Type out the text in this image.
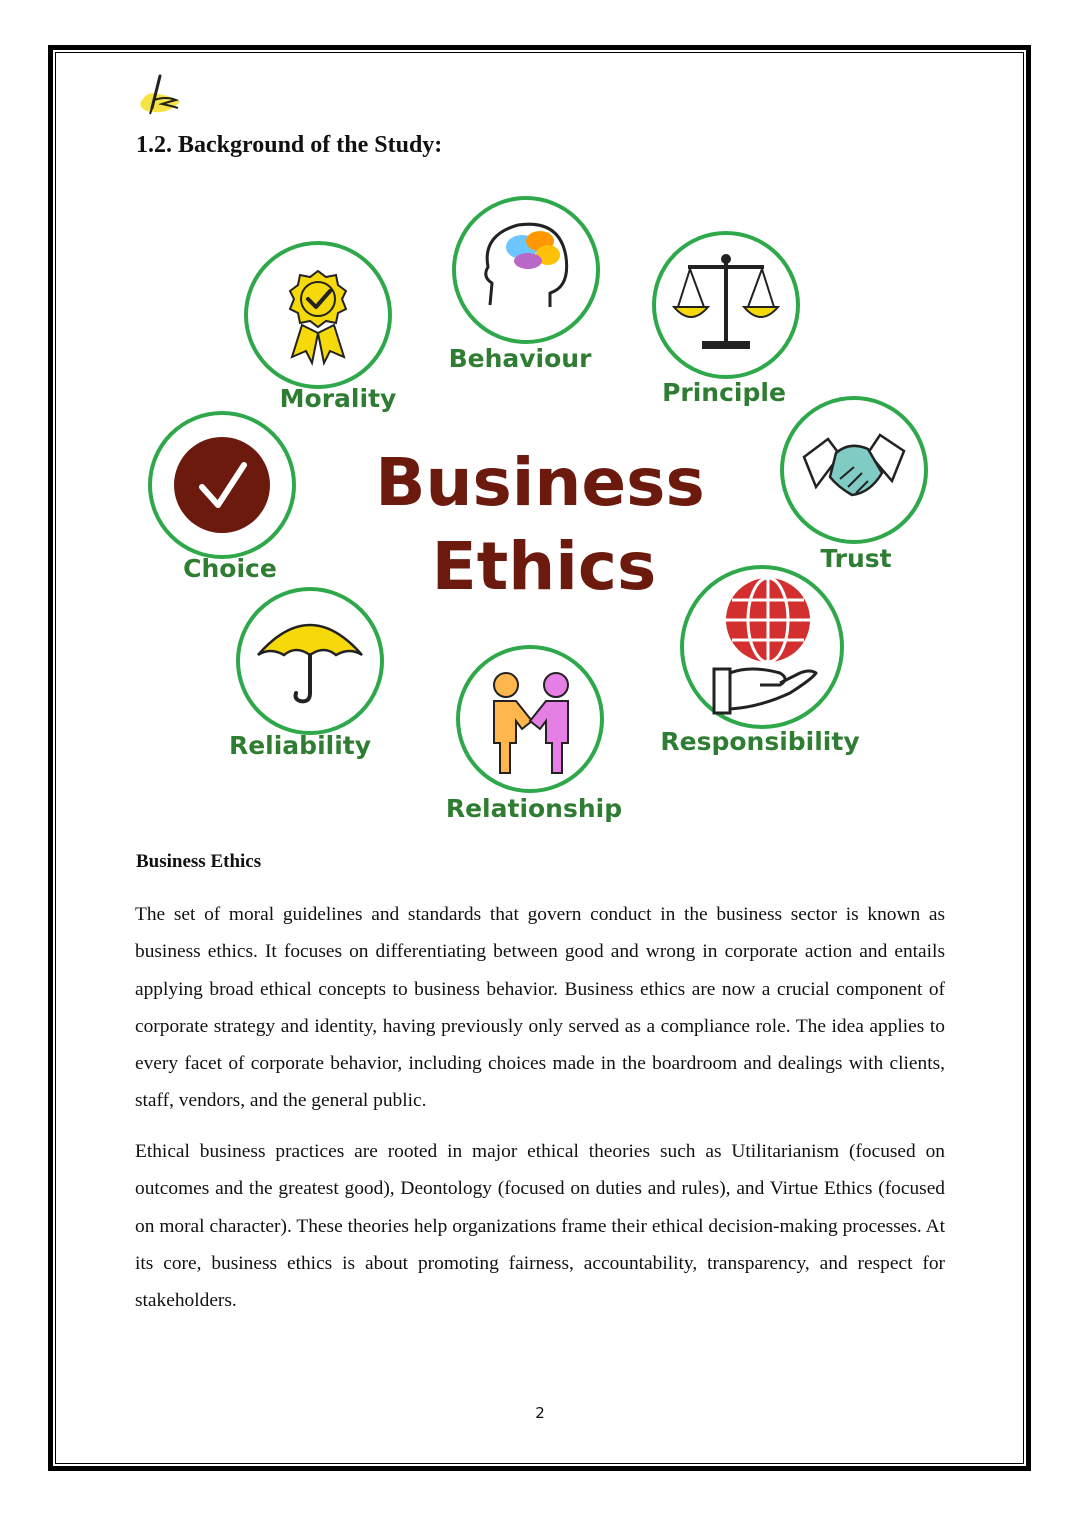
1.2. Background of the Study:
Behaviour
Morality	Principle
Choice
Business
Ethics	Trust
Reliability	Responsibility
Relationship
Business Ethics

The set of moral guidelines and standards that govern conduct in the business sector is known as business ethics. It focuses on differentiating between good and wrong in corporate action and entails applying broad ethical concepts to business behavior. Business ethics are now a crucial component of corporate strategy and identity, having previously only served as a compliance role. The idea applies to every facet of corporate behavior, including choices made in the boardroom and dealings with clients, staff, vendors, and the general public.

Ethical business practices are rooted in major ethical theories such as Utilitarianism (focused on outcomes and the greatest good), Deontology (focused on duties and rules), and Virtue Ethics (focused on moral character). These theories help organizations frame their ethical decision-making processes. At its core, business ethics is about promoting fairness, accountability, transparency, and respect for stakeholders.

2
